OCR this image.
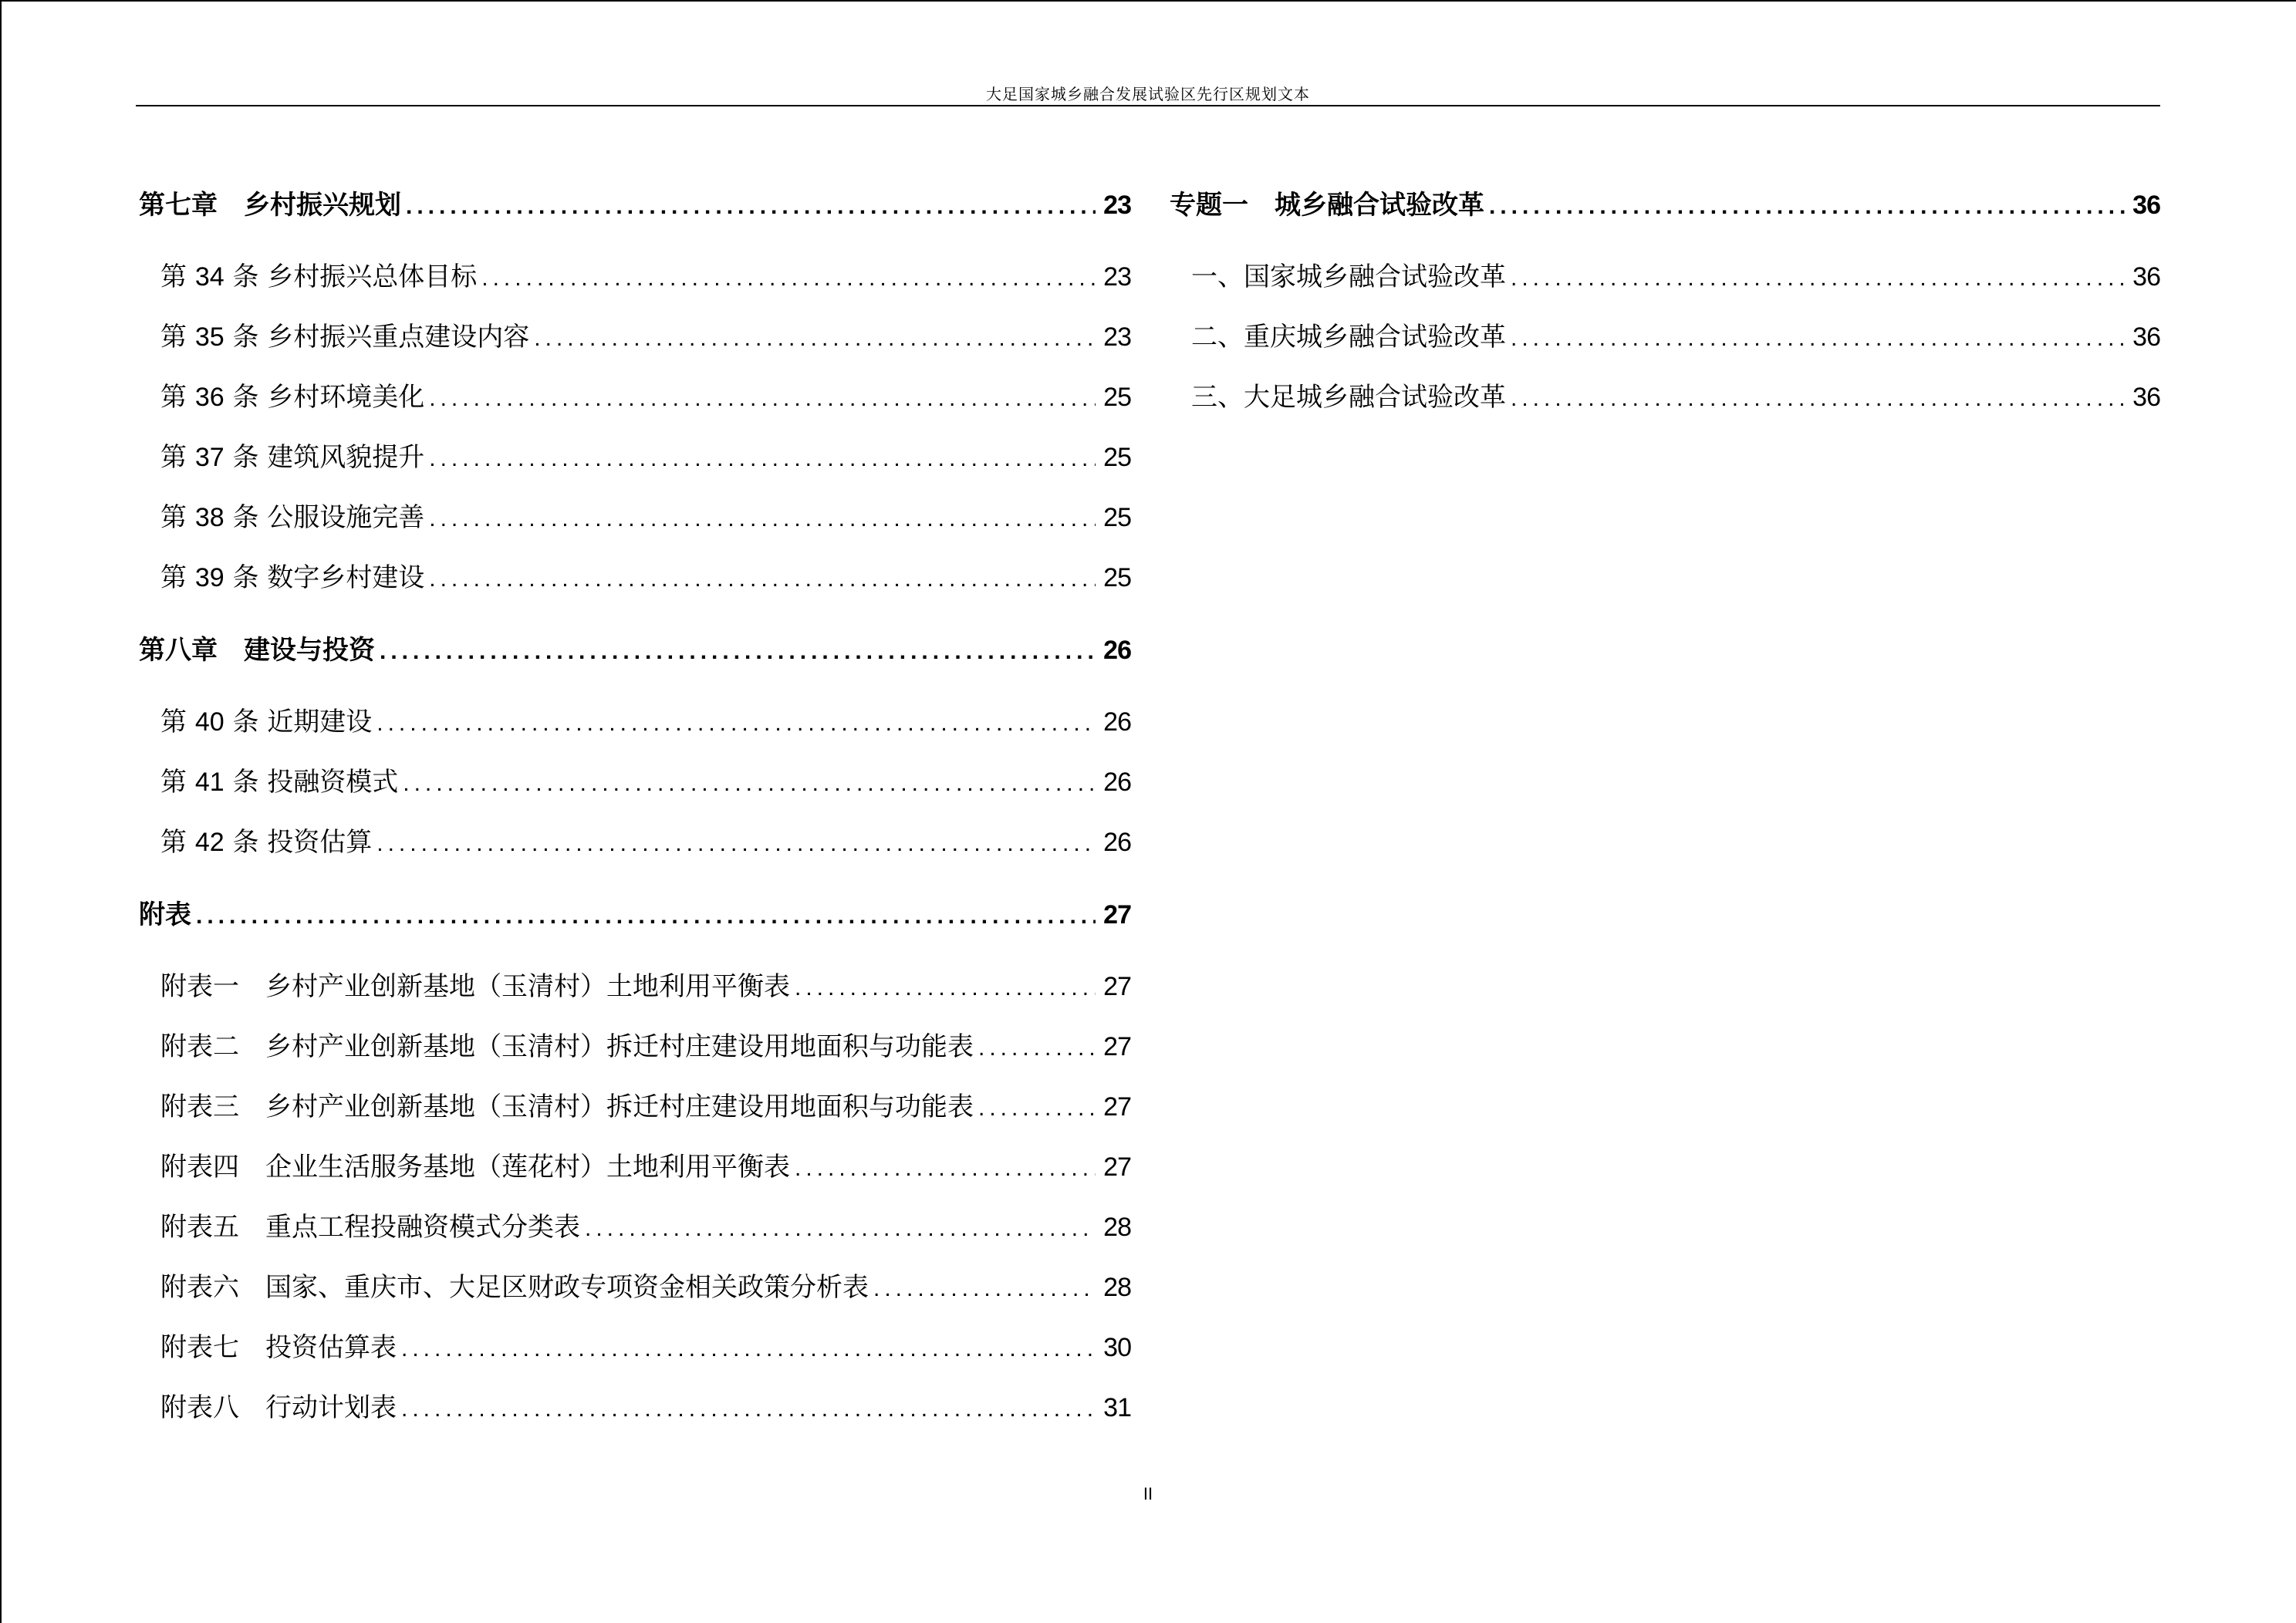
大足国家城乡融合发展试验区先行区规划文本
第七章　乡村振兴规划 .....	23
第 34 条 乡村振兴总体目标 .....	23
第 35 条 乡村振兴重点建设内容 .....	23
第 36 条 乡村环境美化 .....	25
第 37 条 建筑风貌提升 .....	25
第 38 条 公服设施完善 .....	25
第 39 条 数字乡村建设 .....	25
第八章　建设与投资 .....	26
第 40 条 近期建设 .....	26
第 41 条 投融资模式 .....	26
第 42 条 投资估算 .....	26
附表 .....	27
附表一　乡村产业创新基地（玉清村）土地利用平衡表 .....	27
附表二　乡村产业创新基地（玉清村）拆迁村庄建设用地面积与功能表 .....	27
附表三　乡村产业创新基地（玉清村）拆迁村庄建设用地面积与功能表 .....	27
附表四　企业生活服务基地（莲花村）土地利用平衡表 .....	27
附表五　重点工程投融资模式分类表 .....	28
附表六　国家、重庆市、大足区财政专项资金相关政策分析表 .....	28
附表七　投资估算表 .....	30
附表八　行动计划表 .....	31
专题一　城乡融合试验改革 .....	36
一、国家城乡融合试验改革 .....	36
二、重庆城乡融合试验改革 .....	36
三、大足城乡融合试验改革 .....	36
II
